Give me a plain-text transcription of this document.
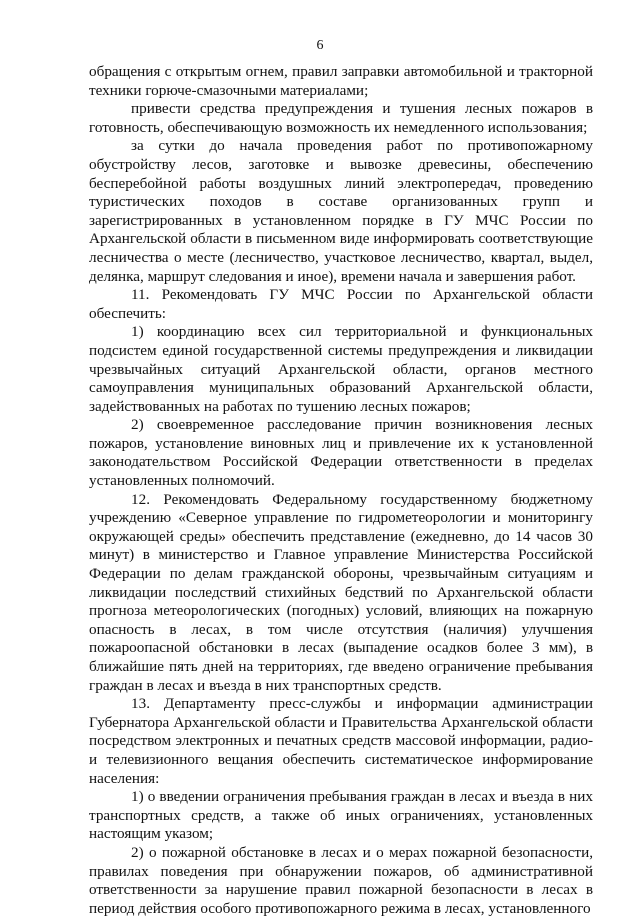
6

обращения с открытым огнем, правил заправки автомобильной и тракторной техники горюче-смазочными материалами;

привести средства предупреждения и тушения лесных пожаров в готовность, обеспечивающую возможность их немедленного использования;

за сутки до начала проведения работ по противопожарному обустройству лесов, заготовке и вывозке древесины, обеспечению бесперебойной работы воздушных линий электропередач, проведению туристических походов в составе организованных групп и зарегистрированных в установленном порядке в ГУ МЧС России по Архангельской области в письменном виде информировать соответствующие лесничества о месте (лесничество, участковое лесничество, квартал, выдел, делянка, маршрут следования и иное), времени начала и завершения работ.

11. Рекомендовать ГУ МЧС России по Архангельской области обеспечить:

1) координацию всех сил территориальной и функциональных подсистем единой государственной системы предупреждения и ликвидации чрезвычайных ситуаций Архангельской области, органов местного самоуправления муниципальных образований Архангельской области, задействованных на работах по тушению лесных пожаров;

2) своевременное расследование причин возникновения лесных пожаров, установление виновных лиц и привлечение их к установленной законодательством Российской Федерации ответственности в пределах установленных полномочий.

12. Рекомендовать Федеральному государственному бюджетному учреждению «Северное управление по гидрометеорологии и мониторингу окружающей среды» обеспечить представление (ежедневно, до 14 часов 30 минут) в министерство и Главное управление Министерства Российской Федерации по делам гражданской обороны, чрезвычайным ситуациям и ликвидации последствий стихийных бедствий по Архангельской области прогноза метеорологических (погодных) условий, влияющих на пожарную опасность в лесах, в том числе отсутствия (наличия) улучшения пожароопасной обстановки в лесах (выпадение осадков более 3 мм), в ближайшие пять дней на территориях, где введено ограничение пребывания граждан в лесах и въезда в них транспортных средств.

13. Департаменту пресс-службы и информации администрации Губернатора Архангельской области и Правительства Архангельской области посредством электронных и печатных средств массовой информации, радио- и телевизионного вещания обеспечить систематическое информирование населения:

1) о введении ограничения пребывания граждан в лесах и въезда в них транспортных средств, а также об иных ограничениях, установленных настоящим указом;

2) о пожарной обстановке в лесах и о мерах пожарной безопасности, правилах поведения при обнаружении пожаров, об административной ответственности за нарушение правил пожарной безопасности в лесах в период действия особого противопожарного режима в лесах, установленного
